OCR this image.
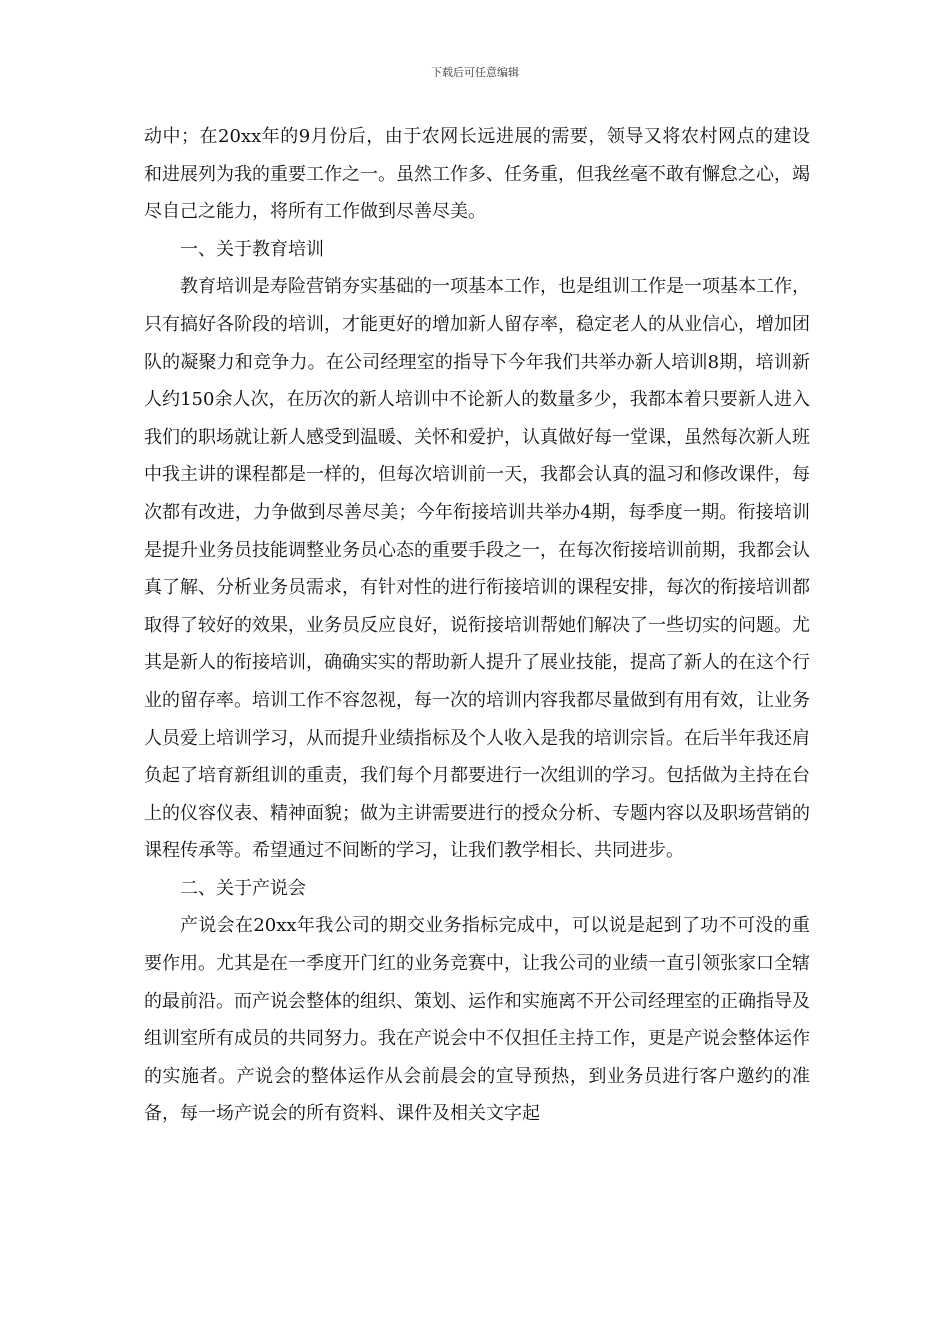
下载后可任意编辑

动中；在20xx年的9月份后，由于农网长远进展的需要，领导又将农村网点的建设和进展列为我的重要工作之一。虽然工作多、任务重，但我丝毫不敢有懈怠之心，竭尽自己之能力，将所有工作做到尽善尽美。

一、关于教育培训

教育培训是寿险营销夯实基础的一项基本工作，也是组训工作是一项基本工作，只有搞好各阶段的培训，才能更好的增加新人留存率，稳定老人的从业信心，增加团队的凝聚力和竞争力。在公司经理室的指导下今年我们共举办新人培训8期，培训新人约150余人次，在历次的新人培训中不论新人的数量多少，我都本着只要新人进入我们的职场就让新人感受到温暖、关怀和爱护，认真做好每一堂课，虽然每次新人班中我主讲的课程都是一样的，但每次培训前一天，我都会认真的温习和修改课件，每次都有改进，力争做到尽善尽美；今年衔接培训共举办4期，每季度一期。衔接培训是提升业务员技能调整业务员心态的重要手段之一，在每次衔接培训前期，我都会认真了解、分析业务员需求，有针对性的进行衔接培训的课程安排，每次的衔接培训都取得了较好的效果，业务员反应良好，说衔接培训帮她们解决了一些切实的问题。尤其是新人的衔接培训，确确实实的帮助新人提升了展业技能，提高了新人的在这个行业的留存率。培训工作不容忽视，每一次的培训内容我都尽量做到有用有效，让业务人员爱上培训学习，从而提升业绩指标及个人收入是我的培训宗旨。在后半年我还肩负起了培育新组训的重责，我们每个月都要进行一次组训的学习。包括做为主持在台上的仪容仪表、精神面貌；做为主讲需要进行的授众分析、专题内容以及职场营销的课程传承等。希望通过不间断的学习，让我们教学相长、共同进步。

二、关于产说会

产说会在20xx年我公司的期交业务指标完成中，可以说是起到了功不可没的重要作用。尤其是在一季度开门红的业务竞赛中，让我公司的业绩一直引领张家口全辖的最前沿。而产说会整体的组织、策划、运作和实施离不开公司经理室的正确指导及组训室所有成员的共同努力。我在产说会中不仅担任主持工作，更是产说会整体运作的实施者。产说会的整体运作从会前晨会的宣导预热，到业务员进行客户邀约的准备，每一场产说会的所有资料、课件及相关文字起
